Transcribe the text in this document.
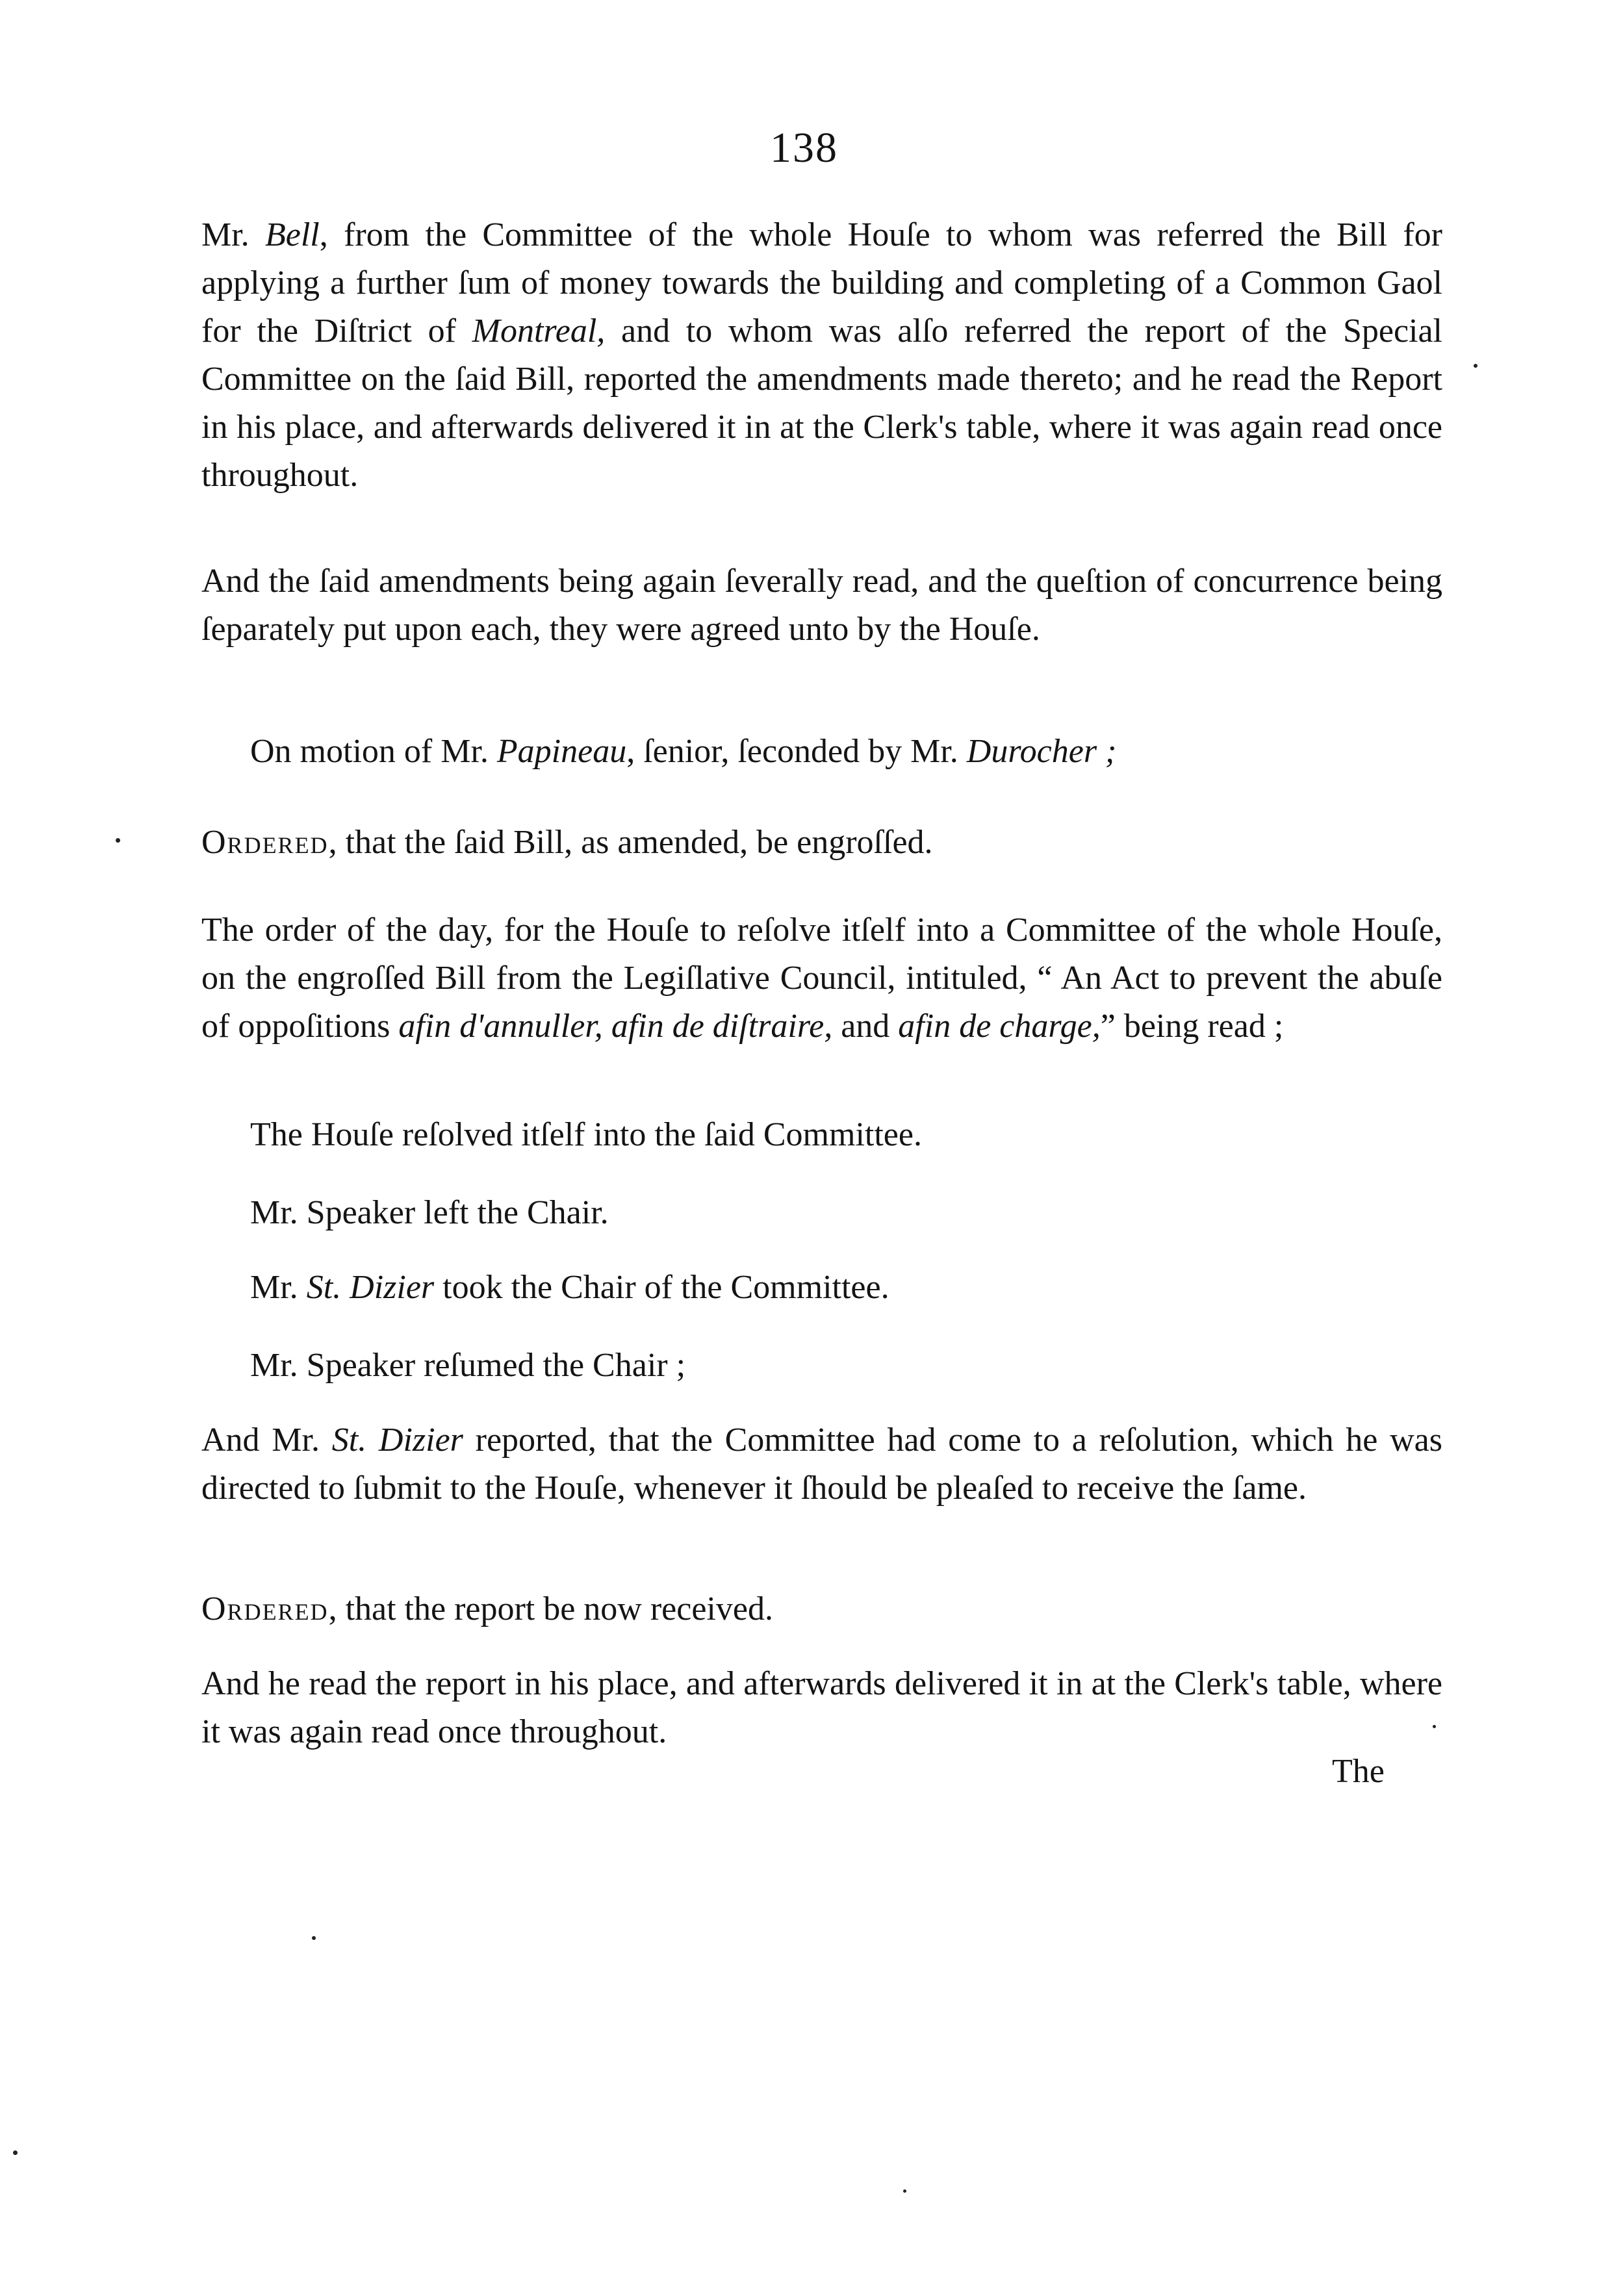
138

Mr. Bell, from the Committee of the whole Houſe to whom was referred the Bill for applying a further ſum of money towards the building and completing of a Common Gaol for the Diſtrict of Montreal, and to whom was alſo referred the report of the Special Committee on the ſaid Bill, reported the amendments made thereto; and he read the Report in his place, and afterwards delivered it in at the Clerk's table, where it was again read once throughout.

And the ſaid amendments being again ſeverally read, and the queſtion of concurrence being ſeparately put upon each, they were agreed unto by the Houſe.

On motion of Mr. Papineau, ſenior, ſeconded by Mr. Durocher ;

Ordered, that the ſaid Bill, as amended, be engroſſed.

The order of the day, for the Houſe to reſolve itſelf into a Committee of the whole Houſe, on the engroſſed Bill from the Legiſlative Council, intituled, “ An Act to prevent the abuſe of oppoſitions afin d'annuller, afin de diſtraire, and afin de charge,” being read ;

The Houſe reſolved itſelf into the ſaid Committee.

Mr. Speaker left the Chair.

Mr. St. Dizier took the Chair of the Committee.

Mr. Speaker reſumed the Chair ;

And Mr. St. Dizier reported, that the Committee had come to a reſolution, which he was directed to ſubmit to the Houſe, whenever it ſhould be pleaſed to receive the ſame.

Ordered, that the report be now received.

And he read the report in his place, and afterwards delivered it in at the Clerk's table, where it was again read once throughout.

The
